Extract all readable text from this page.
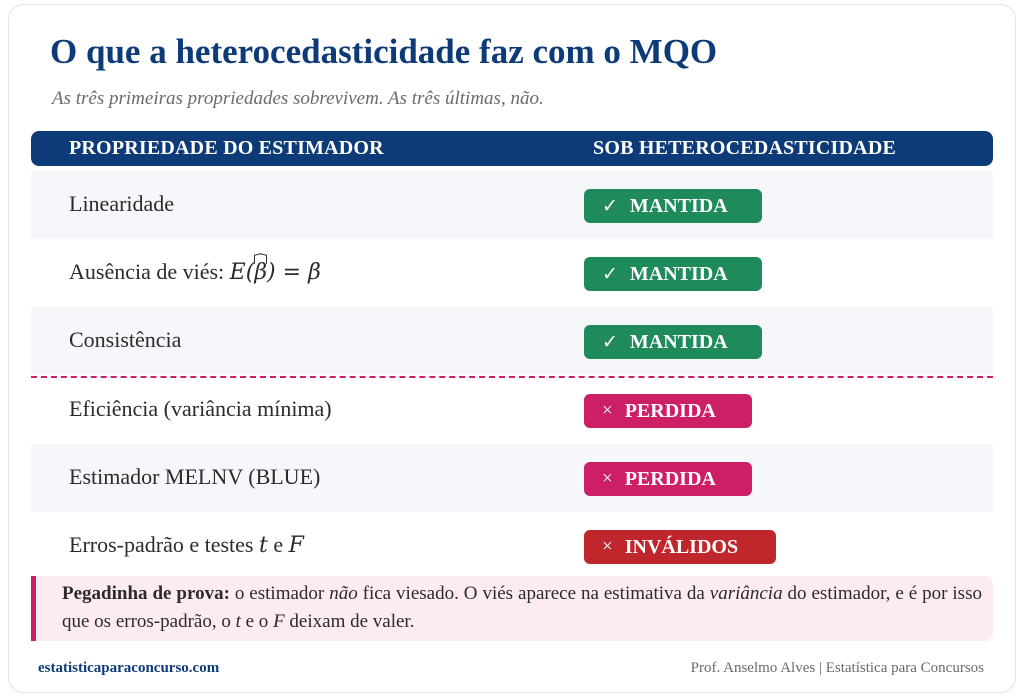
O que a heterocedasticidade faz com o MQO
As três primeiras propriedades sobrevivem. As três últimas, não.
PROPRIEDADE DO ESTIMADOR	SOB HETEROCEDASTICIDADE
Linearidade	✓ MANTIDA
Ausência de viés: E(β) = β	✓ MANTIDA
Consistência	✓ MANTIDA
Eficiência (variância mínima)	× PERDIDA
Estimador MELNV (BLUE)	× PERDIDA
Erros-padrão e testes t e F	× INVÁLIDOS

Pegadinha de prova: o estimador não fica viesado. O viés aparece na estimativa da variância do estimador, e é por isso que os erros-padrão, o t e o F deixam de valer.

estatisticaparaconcurso.com	Prof. Anselmo Alves | Estatística para Concursos
